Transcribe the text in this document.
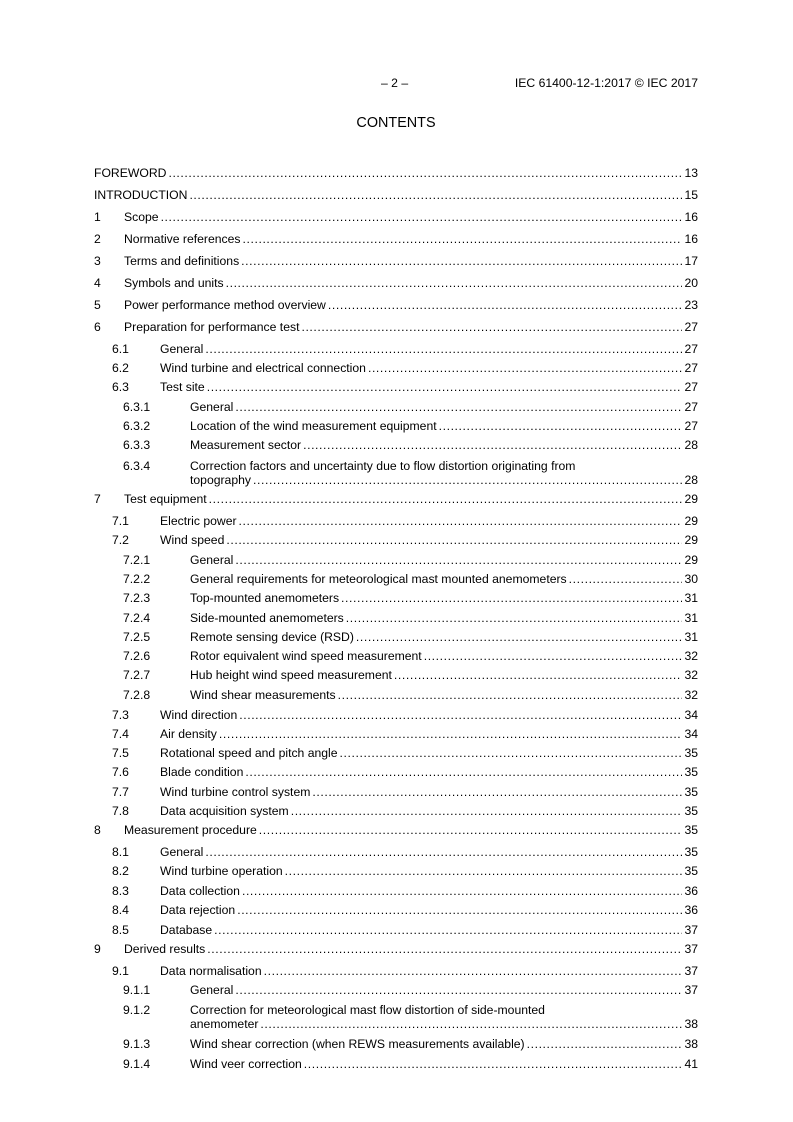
– 2 –	IEC 61400-12-1:2017 © IEC 2017
CONTENTS
FOREWORD .....	13
INTRODUCTION .....	15
1 Scope .....	16
2 Normative references .....	16
3 Terms and definitions .....	17
4 Symbols and units .....	20
5 Power performance method overview .....	23
6 Preparation for performance test .....	27
6.1	General .....	27
6.2	Wind turbine and electrical connection .....	27
6.3	Test site .....	27
6.3.1	General .....	27
6.3.2	Location of the wind measurement equipment .....	27
6.3.3	Measurement sector .....	28
6.3.4	Correction factors and uncertainty due to flow distortion originating from
topography .....	28
7 Test equipment .....	29
7.1	Electric power .....	29
7.2	Wind speed .....	29
7.2.1	General .....	29
7.2.2	General requirements for meteorological mast mounted anemometers .....	30
7.2.3	Top-mounted anemometers .....	31
7.2.4	Side-mounted anemometers .....	31
7.2.5	Remote sensing device (RSD) .....	31
7.2.6	Rotor equivalent wind speed measurement .....	32
7.2.7	Hub height wind speed measurement .....	32
7.2.8	Wind shear measurements .....	32
7.3	Wind direction .....	34
7.4	Air density .....	34
7.5	Rotational speed and pitch angle .....	35
7.6	Blade condition .....	35
7.7	Wind turbine control system .....	35
7.8	Data acquisition system .....	35
8 Measurement procedure .....	35
8.1	General .....	35
8.2	Wind turbine operation .....	35
8.3	Data collection .....	36
8.4	Data rejection .....	36
8.5	Database .....	37
9 Derived results .....	37
9.1	Data normalisation .....	37
9.1.1	General .....	37
9.1.2	Correction for meteorological mast flow distortion of side-mounted
anemometer .....	38
9.1.3	Wind shear correction (when REWS measurements available) .....	38
9.1.4	Wind veer correction .....	41
